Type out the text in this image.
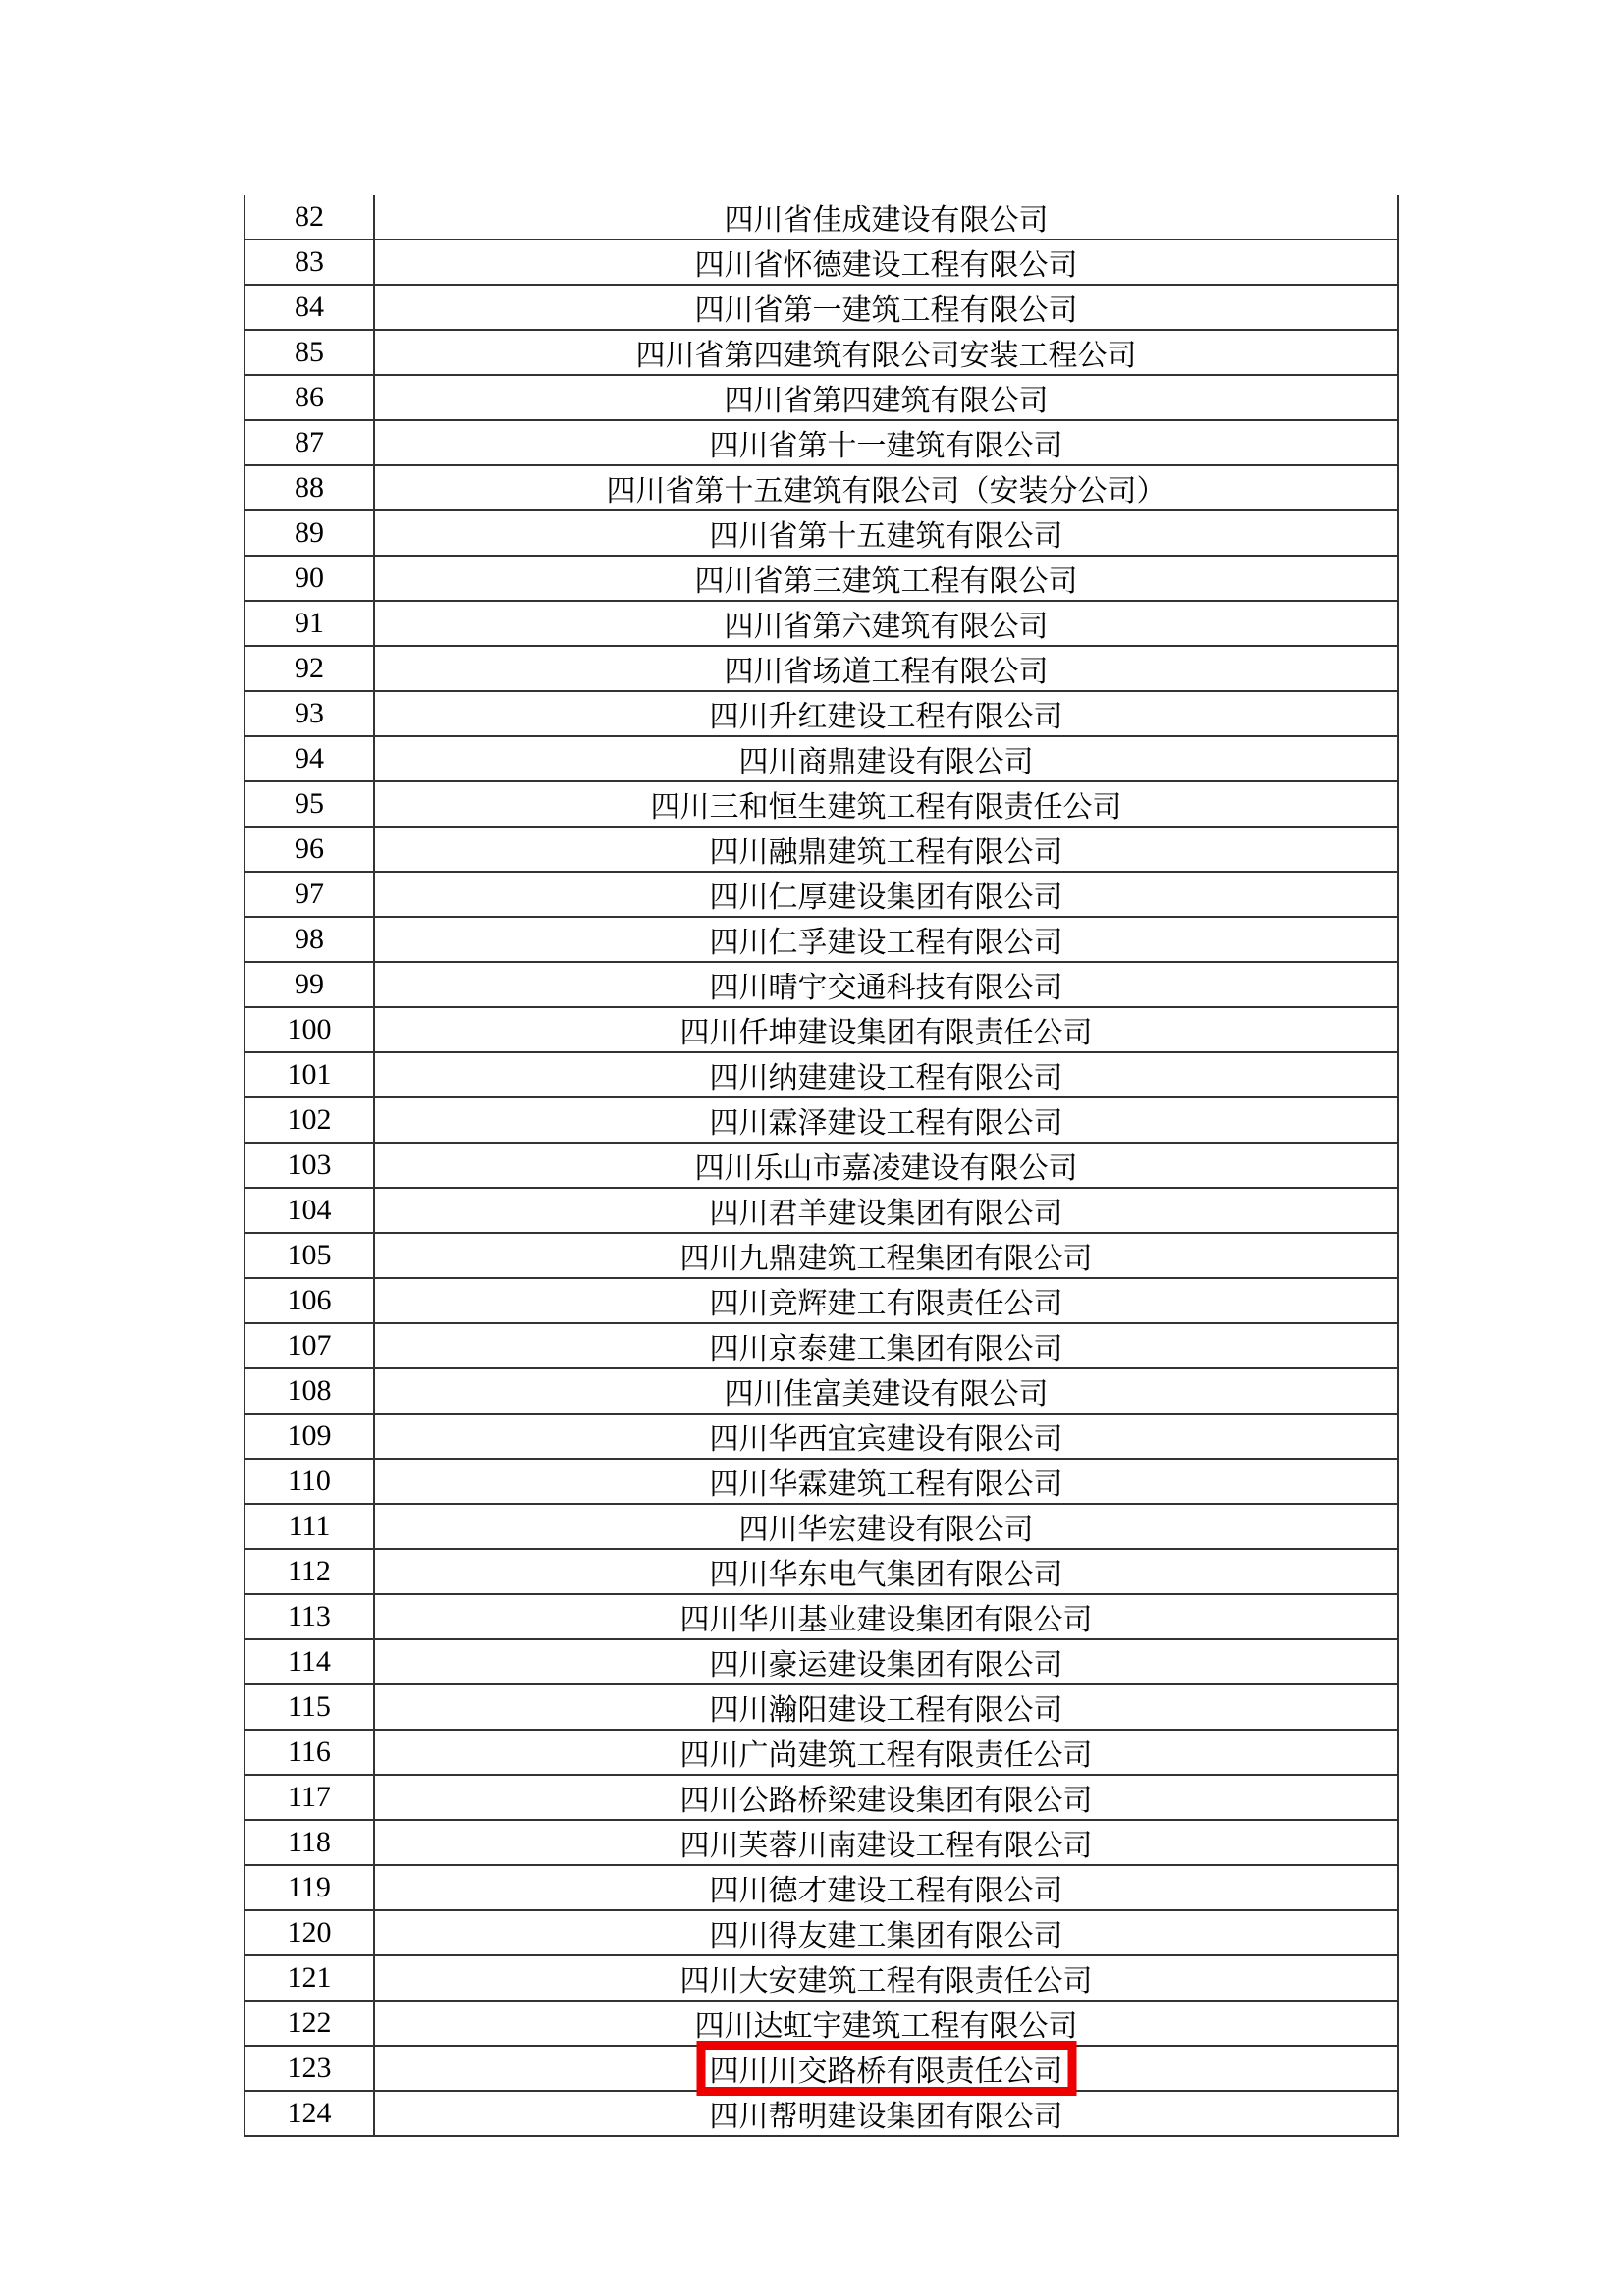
82	四川省佳成建设有限公司
83	四川省怀德建设工程有限公司
84	四川省第一建筑工程有限公司
85	四川省第四建筑有限公司安装工程公司
86	四川省第四建筑有限公司
87	四川省第十一建筑有限公司
88	四川省第十五建筑有限公司（安装分公司）
89	四川省第十五建筑有限公司
90	四川省第三建筑工程有限公司
91	四川省第六建筑有限公司
92	四川省场道工程有限公司
93	四川升红建设工程有限公司
94	四川商鼎建设有限公司
95	四川三和恒生建筑工程有限责任公司
96	四川融鼎建筑工程有限公司
97	四川仁厚建设集团有限公司
98	四川仁孚建设工程有限公司
99	四川晴宇交通科技有限公司
100	四川仟坤建设集团有限责任公司
101	四川纳建建设工程有限公司
102	四川霖泽建设工程有限公司
103	四川乐山市嘉凌建设有限公司
104	四川君羊建设集团有限公司
105	四川九鼎建筑工程集团有限公司
106	四川竞辉建工有限责任公司
107	四川京泰建工集团有限公司
108	四川佳富美建设有限公司
109	四川华西宜宾建设有限公司
110	四川华霖建筑工程有限公司
111	四川华宏建设有限公司
112	四川华东电气集团有限公司
113	四川华川基业建设集团有限公司
114	四川豪运建设集团有限公司
115	四川瀚阳建设工程有限公司
116	四川广尚建筑工程有限责任公司
117	四川公路桥梁建设集团有限公司
118	四川芙蓉川南建设工程有限公司
119	四川德才建设工程有限公司
120	四川得友建工集团有限公司
121	四川大安建筑工程有限责任公司
122	四川达虹宇建筑工程有限公司
123	四川川交路桥有限责任公司
124	四川帮明建设集团有限公司
